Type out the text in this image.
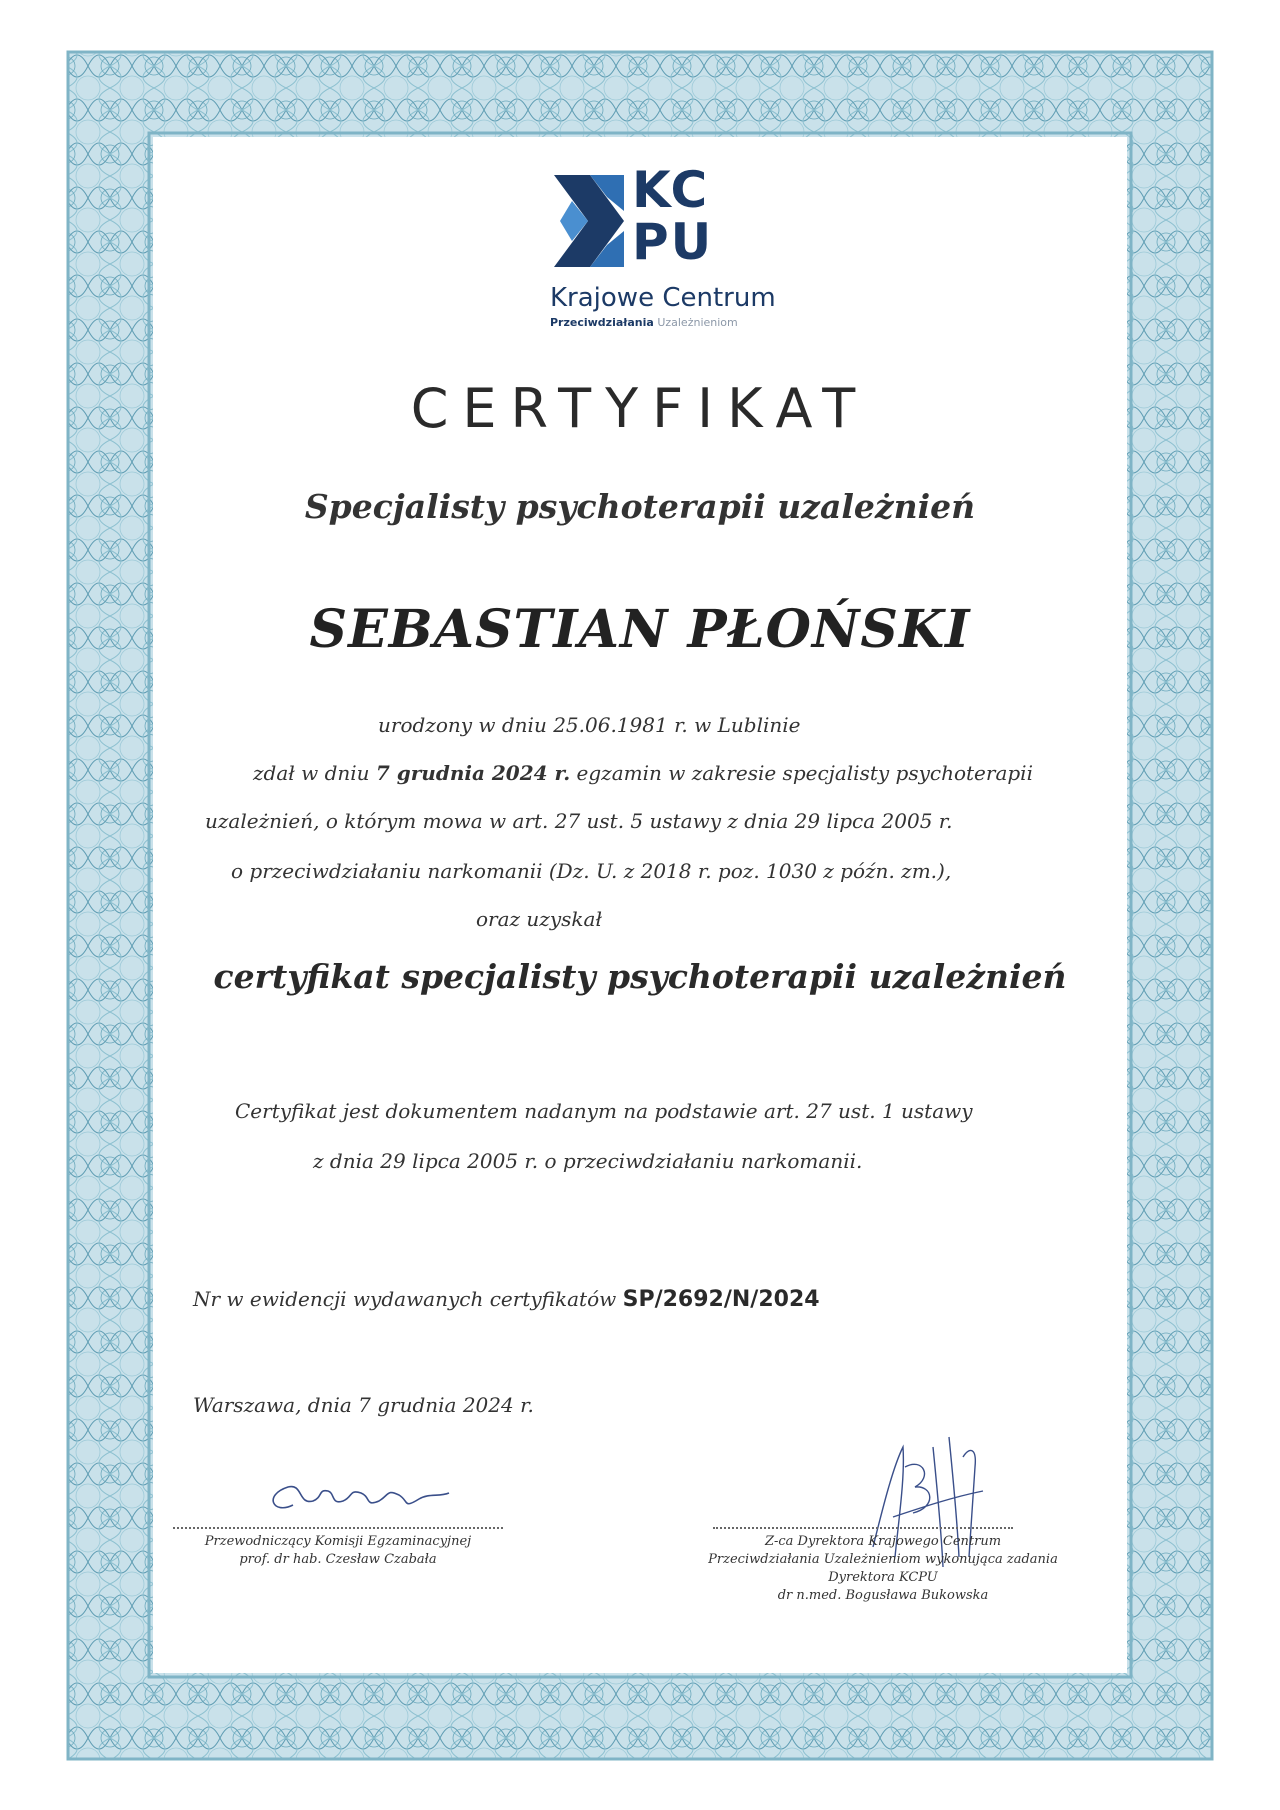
KC
PU
Krajowe Centrum
Przeciwdziałania Uzależnieniom
CERTYFIKAT
Specjalisty psychoterapii uzależnień
SEBASTIAN PŁOŃSKI
urodzony w dniu 25.06.1981 r. w Lublinie
zdał w dniu 7 grudnia 2024 r. egzamin w zakresie specjalisty psychoterapii
uzależnień, o którym mowa w art. 27 ust. 5 ustawy z dnia 29 lipca 2005 r.
o przeciwdziałaniu narkomanii (Dz. U. z 2018 r. poz. 1030 z późn. zm.),
oraz uzyskał
certyfikat specjalisty psychoterapii uzależnień
Certyfikat jest dokumentem nadanym na podstawie art. 27 ust. 1 ustawy
z dnia 29 lipca 2005 r. o przeciwdziałaniu narkomanii.
Nr w ewidencji wydawanych certyfikatów SP/2692/N/2024
Warszawa, dnia 7 grudnia 2024 r.
Przewodniczący Komisji Egzaminacyjnej
prof. dr hab. Czesław Czabała
Z-ca Dyrektora Krajowego Centrum
Przeciwdziałania Uzależnieniom wykonująca zadania
Dyrektora KCPU
dr n.med. Bogusława Bukowska
